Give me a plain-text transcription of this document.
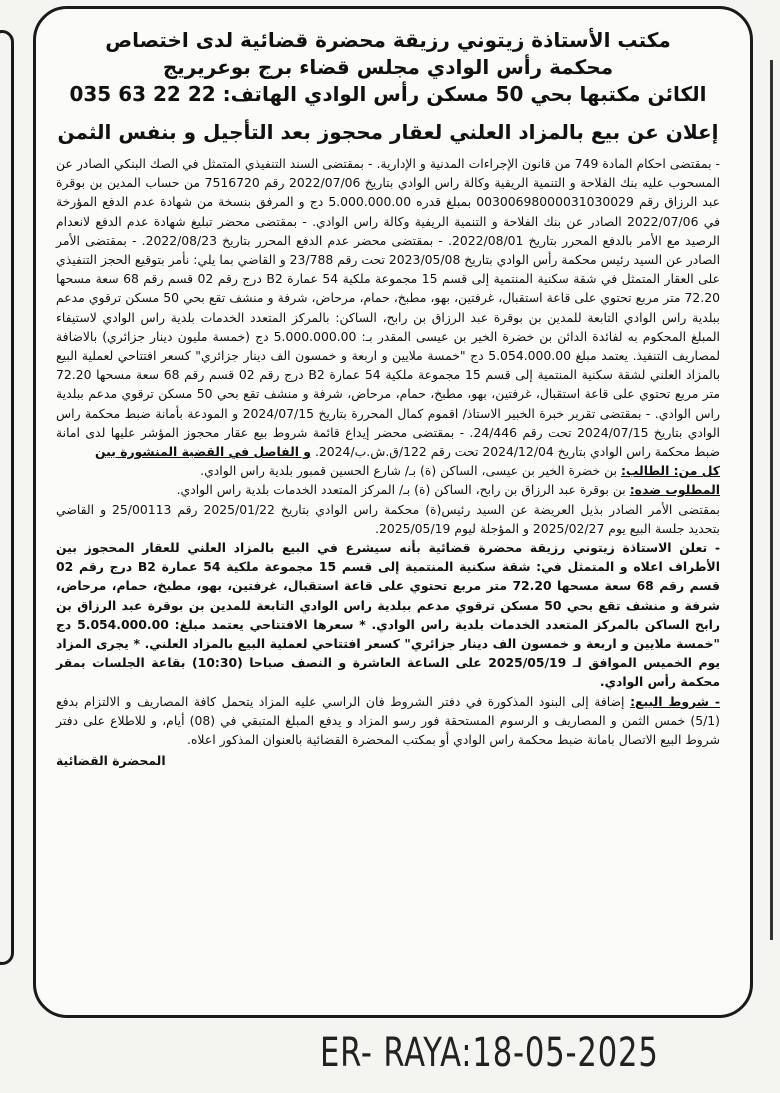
مكتب الأستاذة زيتوني رزيقة محضرة قضائية لدى اختصاص
محكمة رأس الوادي مجلس قضاء برج بوعريريج
الكائن مكتبها بحي 50 مسكن رأس الوادي الهاتف: 22 22 63 035
إعلان عن بيع بالمزاد العلني لعقار محجوز بعد التأجيل و بنفس الثمن

- بمقتضى احكام المادة 749 من قانون الإجراءات المدنية و الإدارية. - بمقتضى السند التنفيذي المتمثل في الصك البنكي الصادر عن المسحوب عليه بنك الفلاحة و التنمية الريفية وكالة راس الوادي بتاريخ 2022/07/06 رقم 7516720 من حساب المدين بن بوقرة عبد الرزاق رقم 00300698000031030029 بمبلغ قدره 5.000.000.00 دج و المرفق بنسخة من شهادة عدم الدفع المؤرخة في 2022/07/06 الصادر عن بنك الفلاحة و التنمية الريفية وكالة راس الوادي. - بمقتضى محضر تبليغ شهادة عدم الدفع لانعدام الرصيد مع الأمر بالدفع المحرر بتاريخ 2022/08/01. - بمقتضى محضر عدم الدفع المحرر بتاريخ 2022/08/23. - بمقتضى الأمر الصادر عن السيد رئيس محكمة رأس الوادي بتاريخ 2023/05/08 تحت رقم 23/788 و القاضي بما يلي: نأمر بتوقيع الحجز التنفيذي على العقار المتمثل في شقة سكنية المنتمية إلى قسم 15 مجموعة ملكية 54 عمارة B2 درج رقم 02 قسم رقم 68 سعة مسحها 72.20 متر مربع تحتوي على قاعة استقبال، غرفتين، بهو، مطبخ، حمام، مرحاض، شرفة و منشف تقع بحي 50 مسكن ترقوي مدعم ببلدية راس الوادي التابعة للمدين بن بوقرة عبد الرزاق بن رابح، الساكن: بالمركز المتعدد الخدمات بلدية راس الوادي لاستيفاء المبلغ المحكوم به لفائدة الدائن بن خضرة الخير بن عيسى المقدر بـ: 5.000.000.00 دج (خمسة مليون دينار جزائري) بالاضافة لمصاريف التنفيذ. يعتمد مبلغ 5.054.000.00 دج "خمسة ملايين و اربعة و خمسون الف دينار جزائري" كسعر افتتاحي لعملية البيع بالمزاد العلني لشقة سكنية المنتمية إلى قسم 15 مجموعة ملكية 54 عمارة B2 درج رقم 02 قسم رقم 68 سعة مسحها 72.20 متر مربع تحتوي على قاعة استقبال، غرفتين، بهو، مطبخ، حمام، مرحاض، شرفة و منشف تقع بحي 50 مسكن ترقوي مدعم ببلدية راس الوادي. - بمقتضى تقرير خبرة الخبير الاستاذ/ اقموم كمال المحررة بتاريخ 2024/07/15 و المودعة بأمانة ضبط محكمة راس الوادي بتاريخ 2024/07/15 تحت رقم 24/446. - بمقتضى محضر إيداع قائمة شروط بيع عقار محجوز المؤشر عليها لدى امانة ضبط محكمة راس الوادي بتاريخ 2024/12/04 تحت رقم 122/ق.ش.ب/2024. و الفاصل في القضية المنشورة بين

كل من: الطالب: بن خضرة الخير بن عيسى، الساكن (ة) بـ/ شارع الحسين قمبور بلدية راس الوادي.

المطلوب ضده: بن بوقرة عبد الرزاق بن رابح، الساكن (ة) بـ/ المركز المتعدد الخدمات بلدية راس الوادي.

بمقتضى الأمر الصادر بذيل العريضة عن السيد رئيس(ة) محكمة راس الوادي بتاريخ 2025/01/22 رقم 25/00113 و القاضي بتحديد جلسة البيع يوم 2025/02/27 و المؤجلة ليوم 2025/05/19.

- تعلن الاستاذة زيتوني رزيقة محضرة قضائية بأنه سيشرع في البيع بالمزاد العلني للعقار المحجوز بين الأطراف اعلاه و المتمثل في: شقة سكنية المنتمية إلى قسم 15 مجموعة ملكية 54 عمارة B2 درج رقم 02 قسم رقم 68 سعة مسحها 72.20 متر مربع تحتوي على قاعة استقبال، غرفتين، بهو، مطبخ، حمام، مرحاض، شرفة و منشف تقع بحي 50 مسكن ترقوي مدعم ببلدية راس الوادي التابعة للمدين بن بوقرة عبد الرزاق بن رابح الساكن بالمركز المتعدد الخدمات بلدية راس الوادي. * سعرها الافتتاحي يعتمد مبلغ: 5.054.000.00 دج "خمسة ملايين و اربعة و خمسون الف دينار جزائري" كسعر افتتاحي لعملية البيع بالمزاد العلني. * يجرى المزاد يوم الخميس الموافق لـ 2025/05/19 على الساعة العاشرة و النصف صباحا (10:30) بقاعة الجلسات بمقر محكمة رأس الوادي.

- شروط البيع: إضافة إلى البنود المذكورة في دفتر الشروط فان الراسي عليه المزاد يتحمل كافة المصاريف و الالتزام بدفع (5/1) خمس الثمن و المصاريف و الرسوم المستحقة فور رسو المزاد و يدفع المبلغ المتبقي في (08) أيام، و للاطلاع على دفتر شروط البيع الاتصال بامانة ضبط محكمة راس الوادي أو بمكتب المحضرة القضائية بالعنوان المذكور اعلاه.

المحضرة القضائية
ER- RAYA:18-05-2025
